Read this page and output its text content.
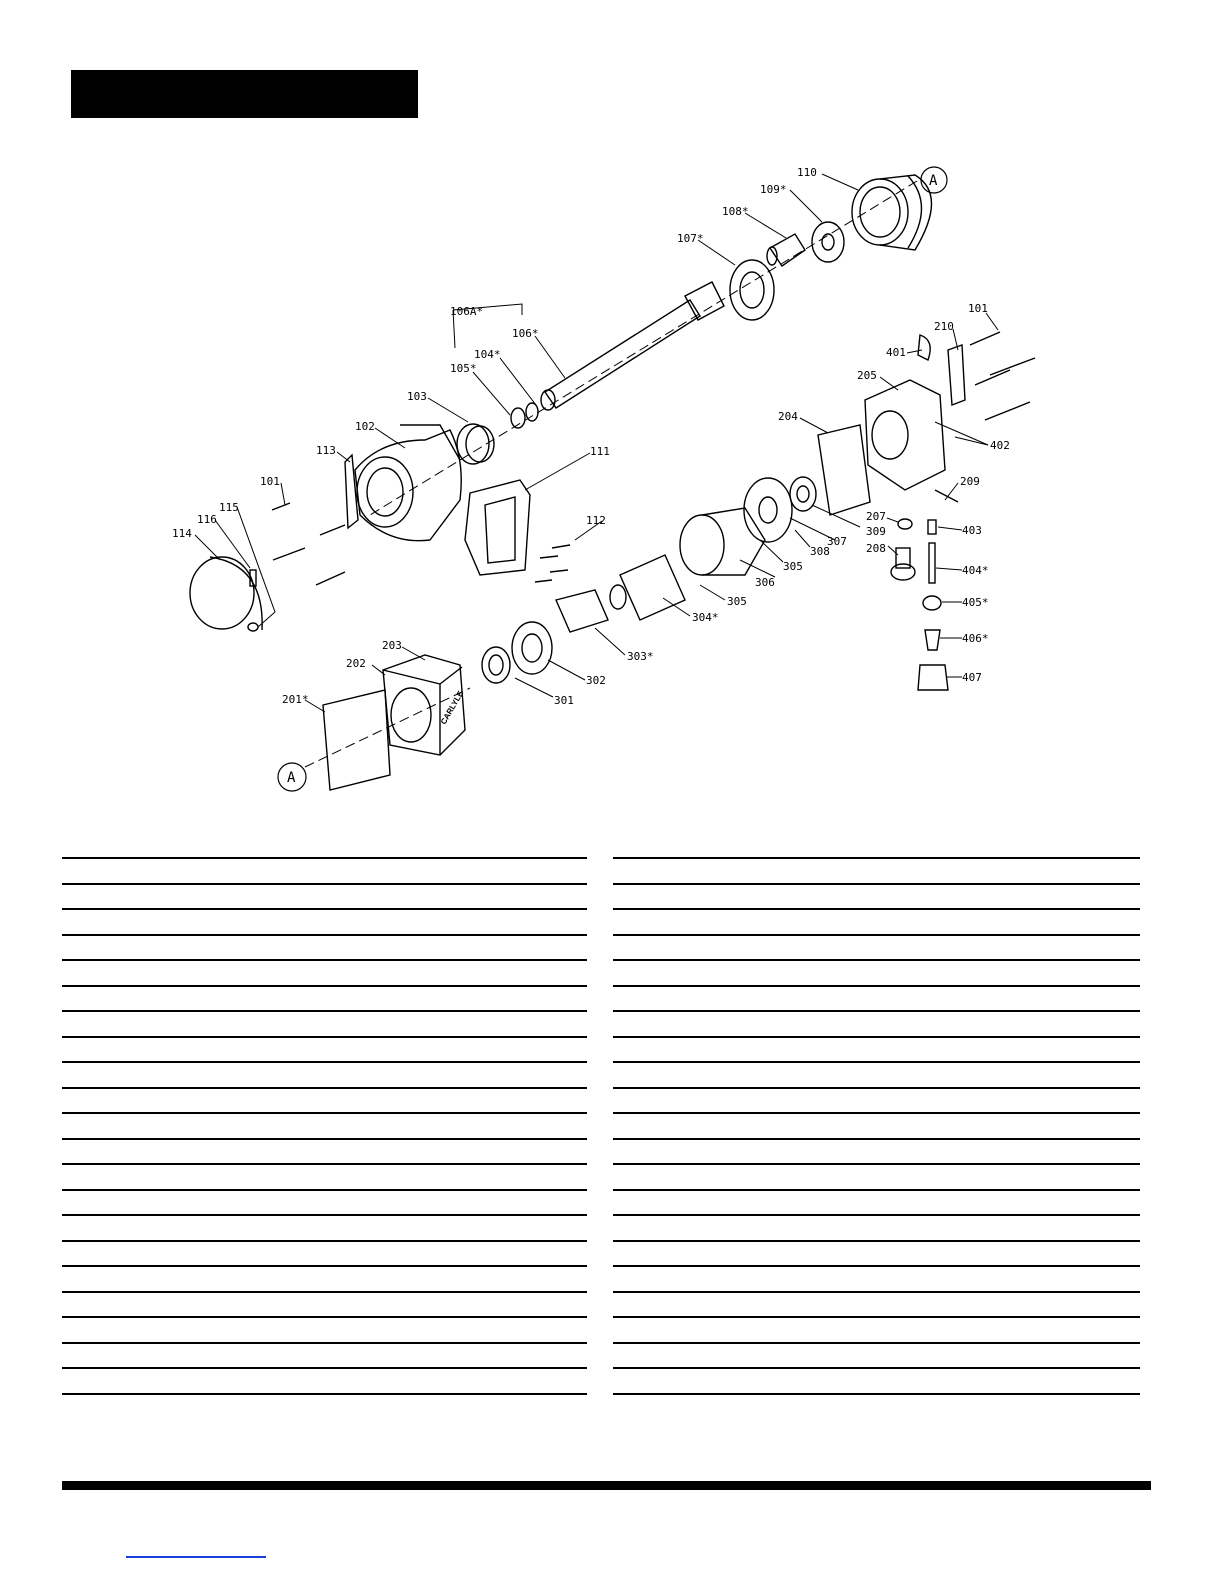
A
A
CARLYLE
101
101
102
103
104*
105*
106*
106A*
107*
108*
109*
110
111
112
113
114
115
116
201*
202
203
204
205
207
208
209
210
301
302
303*
304*
305
305
306
307
308
309
401
402
403
404*
405*
406*
407
